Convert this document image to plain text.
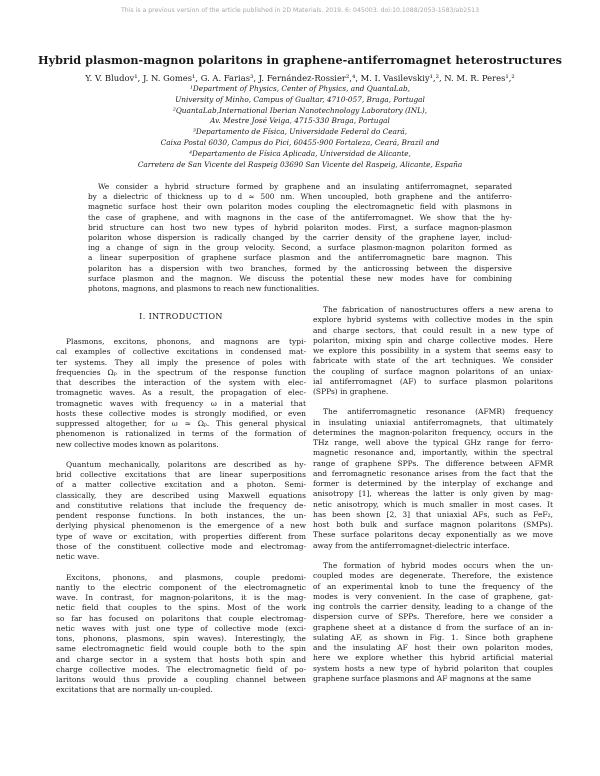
This is a previous version of the article published in 2D Materials. 2019, 6: 045003. doi:10.1088/2053-1583/ab2513
Hybrid plasmon-magnon polaritons in graphene-antiferromagnet heterostructures
Y. V. Bludov¹, J. N. Gomes¹, G. A. Farias³, J. Fernández-Rossier²,⁴, M. I. Vasilevskiy¹,², N. M. R. Peres¹,²
¹Department of Physics, Center of Physics, and QuantaLab,
University of Minho, Campus of Gualtar, 4710-057, Braga, Portugal
²QuantaLab,International Iberian Nanotechnology Laboratory (INL),
Av. Mestre José Veiga, 4715-330 Braga, Portugal
³Departamento de Física, Universidade Federal do Ceará,
Caixa Postal 6030, Campus do Pici, 60455-900 Fortaleza, Ceará, Brazil and
⁴Departamento de Física Aplicada, Universidad de Alicante,
Carretera de San Vicente del Raspeig 03690 San Vicente del Raspeig, Alicante, España
We consider a hybrid structure formed by graphene and an insulating antiferromagnet, separated
by a dielectric of thickness up to d ≃ 500 nm. When uncoupled, both graphene and the antiferro-
magnetic surface host their own polariton modes coupling the electromagnetic field with plasmons in
the case of graphene, and with magnons in the case of the antiferromagnet. We show that the hy-
brid structure can host two new types of hybrid polariton modes. First, a surface magnon-plasmon
polariton whose dispersion is radically changed by the carrier density of the graphene layer, includ-
ing a change of sign in the group velocity. Second, a surface plasmon-magnon polariton formed as
a linear superposition of graphene surface plasmon and the antiferromagnetic bare magnon. This
polariton has a dispersion with two branches, formed by the anticrossing between the dispersive
surface plasmon and the magnon. We discuss the potential these new modes have for combining
photons, magnons, and plasmons to reach new functionalities.
I. INTRODUCTION
Plasmons, excitons, phonons, and magnons are typi-
cal examples of collective excitations in condensed mat-
ter systems. They all imply the presence of poles with
frequencies Ωₚ in the spectrum of the response function
that describes the interaction of the system with elec-
tromagnetic waves. As a result, the propagation of elec-
tromagnetic waves with frequency ω in a material that
hosts these collective modes is strongly modified, or even
suppressed altogether, for ω ≃ Ωₚ. This general physical
phenomenon is rationalized in terms of the formation of
new collective modes known as polaritons.
Quantum mechanically, polaritons are described as hy-
brid collective excitations that are linear superpositions
of a matter collective excitation and a photon. Semi-
classically, they are described using Maxwell equations
and constitutive relations that include the frequency de-
pendent response functions. In both instances, the un-
derlying physical phenomenon is the emergence of a new
type of wave or excitation, with properties different from
those of the constituent collective mode and electromag-
netic wave.
Excitons, phonons, and plasmons, couple predomi-
nantly to the electric component of the electromagnetic
wave. In contrast, for magnon-polaritons, it is the mag-
netic field that couples to the spins. Most of the work
so far has focused on polaritons that couple electromag-
netic waves with just one type of collective mode (exci-
tons, phonons, plasmons, spin waves). Interestingly, the
same electromagnetic field would couple both to the spin
and charge sector in a system that hosts both spin and
charge collective modes. The electromagnetic field of po-
laritons would thus provide a coupling channel between
excitations that are normally un-coupled.
The fabrication of nanostructures offers a new arena to
explore hybrid systems with collective modes in the spin
and charge sectors, that could result in a new type of
polariton, mixing spin and charge collective modes. Here
we explore this possibility in a system that seems easy to
fabricate with state of the art techniques. We consider
the coupling of surface magnon polaritons of an uniax-
ial antiferromagnet (AF) to surface plasmon polaritons
(SPPs) in graphene.
The antiferromagnetic resonance (AFMR) frequency
in insulating uniaxial antiferromagnets, that ultimately
determines the magnon-polariton frequency, occurs in the
THz range, well above the typical GHz range for ferro-
magnetic resonance and, importantly, within the spectral
range of graphene SPPs. The difference between AFMR
and ferromagnetic resonance arises from the fact that the
former is determined by the interplay of exchange and
anisotropy [1], whereas the latter is only given by mag-
netic anisotropy, which is much smaller in most cases. It
has been shown [2, 3] that uniaxial AFs, such as FeF₂,
host both bulk and surface magnon polaritons (SMPs).
These surface polaritons decay exponentially as we move
away from the antiferromagnet-dielectric interface.
The formation of hybrid modes occurs when the un-
coupled modes are degenerate. Therefore, the existence
of an experimental knob to tune the frequency of the
modes is very convenient. In the case of graphene, gat-
ing controls the carrier density, leading to a change of the
dispersion curve of SPPs. Therefore, here we consider a
graphene sheet at a distance d from the surface of an in-
sulating AF, as shown in Fig. 1. Since both graphene
and the insulating AF host their own polariton modes,
here we explore whether this hybrid artificial material
system hosts a new type of hybrid polariton that couples
graphene surface plasmons and AF magnons at the same
